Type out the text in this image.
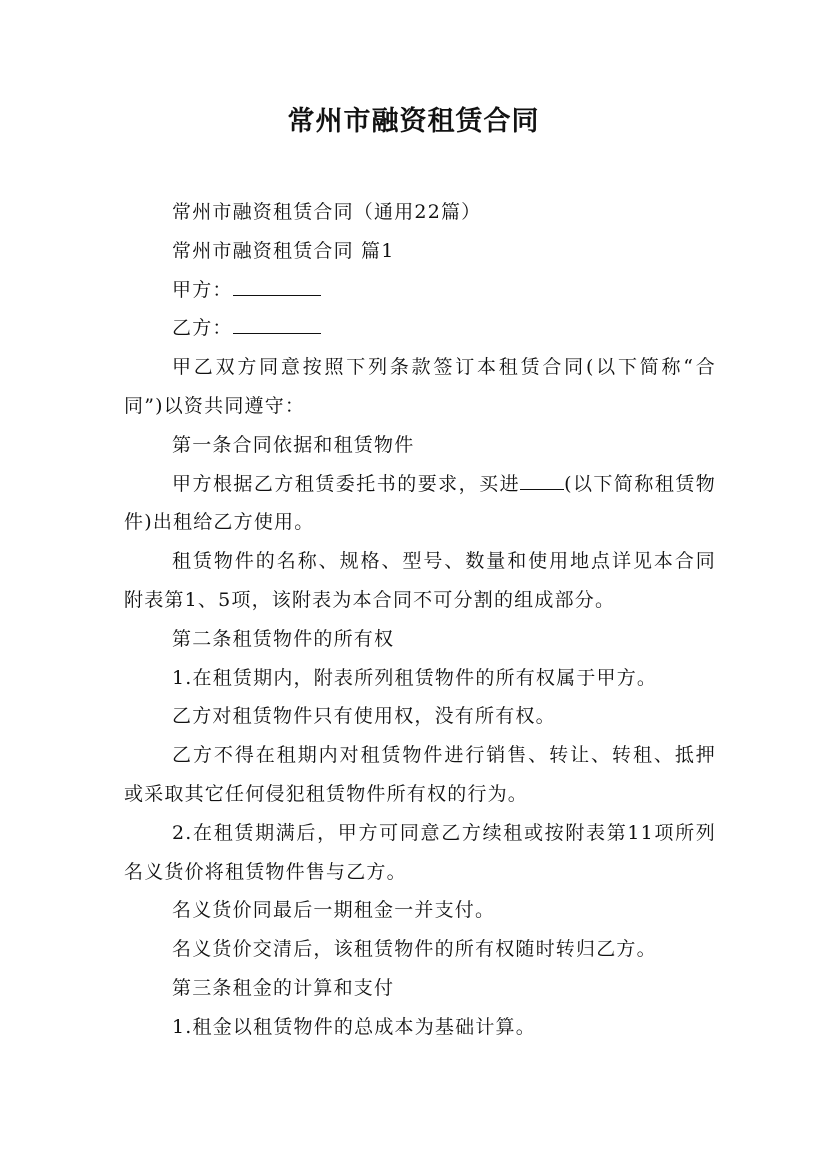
常州市融资租赁合同

常州市融资租赁合同（通用22篇）

常州市融资租赁合同 篇1

甲方：

乙方：

甲乙双方同意按照下列条款签订本租赁合同(以下简称“合同”)以资共同遵守：

第一条合同依据和租赁物件

甲方根据乙方租赁委托书的要求，买进 (以下简称租赁物件)出租给乙方使用。

租赁物件的名称、规格、型号、数量和使用地点详见本合同附表第1、5项，该附表为本合同不可分割的组成部分。

第二条租赁物件的所有权

1.在租赁期内，附表所列租赁物件的所有权属于甲方。

乙方对租赁物件只有使用权，没有所有权。

乙方不得在租期内对租赁物件进行销售、转让、转租、抵押或采取其它任何侵犯租赁物件所有权的行为。

2.在租赁期满后，甲方可同意乙方续租或按附表第11项所列名义货价将租赁物件售与乙方。

名义货价同最后一期租金一并支付。

名义货价交清后，该租赁物件的所有权随时转归乙方。

第三条租金的计算和支付

1.租金以租赁物件的总成本为基础计算。
